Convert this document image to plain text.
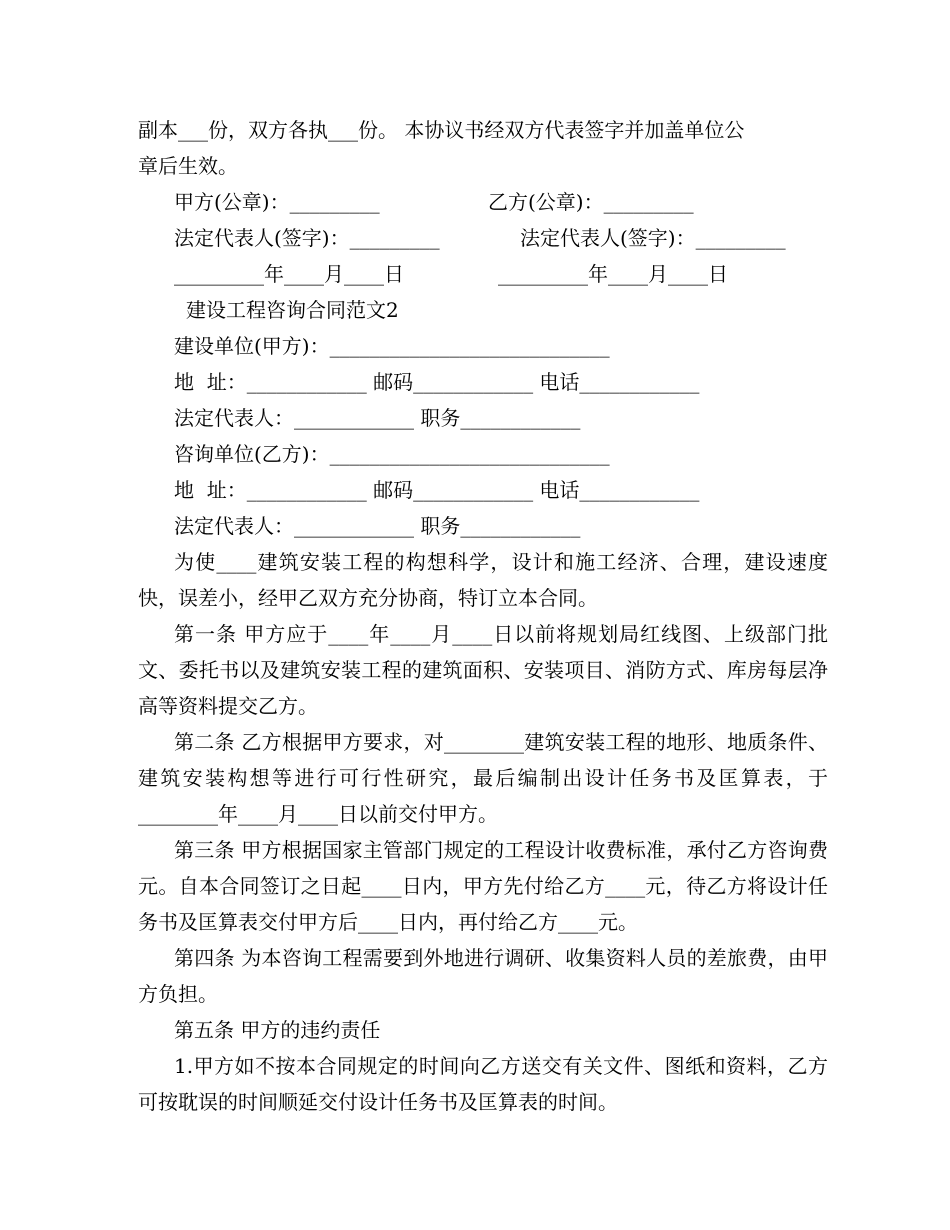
副本___份，双方各执___份。 本协议书经双方代表签字并加盖单位公
章后生效。
甲方(公章)：_________	乙方(公章)：_________
法定代表人(签字)：_________	法定代表人(签字)：_________
_________年____月____日	_________年____月____日
建设工程咨询合同范文2
建设单位(甲方)：____________________________
地  址：____________ 邮码____________ 电话____________
法定代表人：____________ 职务____________
咨询单位(乙方)：____________________________
地  址：____________ 邮码____________ 电话____________
法定代表人：____________ 职务____________

为使____建筑安装工程的构想科学，设计和施工经济、合理，建设速度快，误差小，经甲乙双方充分协商，特订立本合同。

第一条 甲方应于____年____月____日以前将规划局红线图、上级部门批文、委托书以及建筑安装工程的建筑面积、安装项目、消防方式、库房每层净高等资料提交乙方。

第二条 乙方根据甲方要求，对________建筑安装工程的地形、地质条件、建筑安装构想等进行可行性研究，最后编制出设计任务书及匡算表，于________年____月____日以前交付甲方。

第三条 甲方根据国家主管部门规定的工程设计收费标准，承付乙方咨询费 元。自本合同签订之日起____日内，甲方先付给乙方____元，待乙方将设计任务书及匡算表交付甲方后____日内，再付给乙方____元。

第四条 为本咨询工程需要到外地进行调研、收集资料人员的差旅费，由甲方负担。

第五条 甲方的违约责任

1.甲方如不按本合同规定的时间向乙方送交有关文件、图纸和资料，乙方可按耽误的时间顺延交付设计任务书及匡算表的时间。
